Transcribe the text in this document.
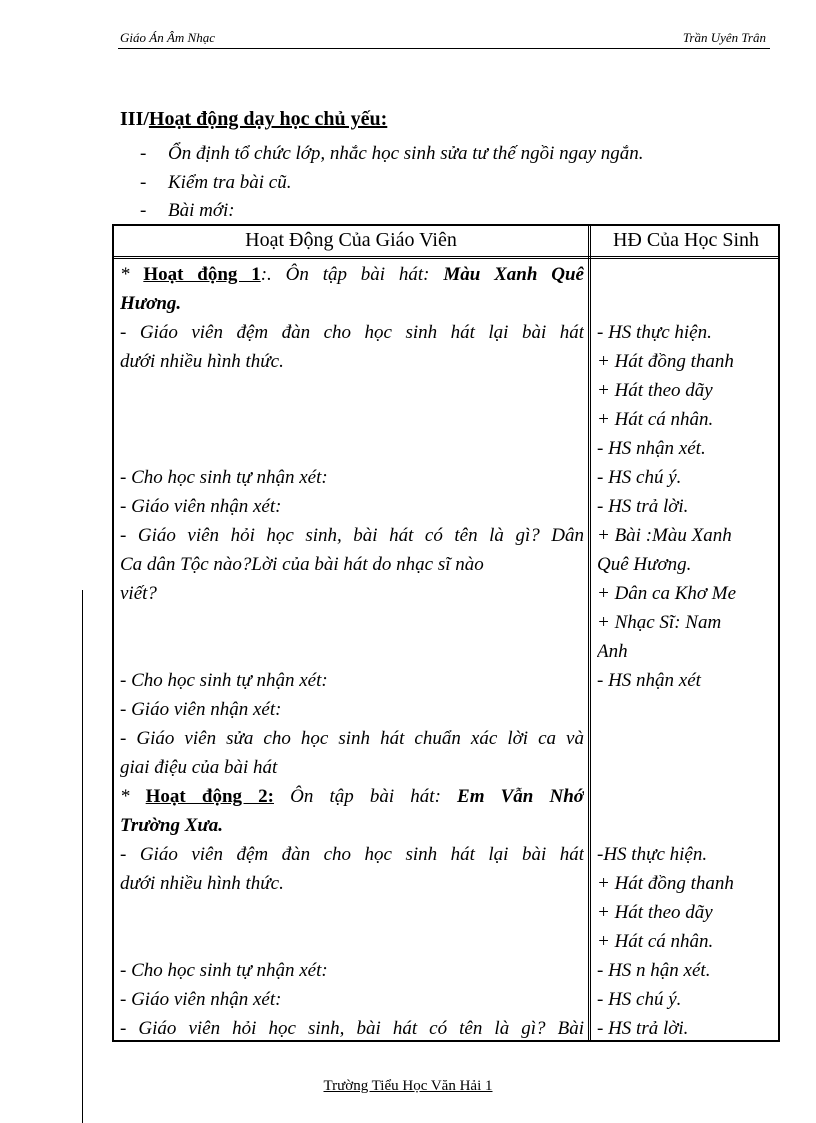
Giáo Án Âm Nhạc	Trần Uyên Trân
III/Hoạt động dạy học chủ yếu:
- Ổn định tổ chức lớp, nhắc học sinh sửa tư thế ngồi ngay ngắn.
- Kiểm tra bài cũ.
- Bài mới:
Hoạt Động Của Giáo Viên	HĐ Của Học Sinh
* Hoạt động 1:. Ôn tập bài hát: Màu Xanh Quê
Hương.
- Giáo viên đệm đàn cho học sinh hát lại bài hát
dưới nhiều hình thức.
- Cho học sinh tự nhận xét:
- Giáo viên nhận xét:
- Giáo viên hỏi học sinh, bài hát có tên là gì? Dân
Ca dân Tộc nào?Lời của bài hát do nhạc sĩ nào
viết?
- Cho học sinh tự nhận xét:
- Giáo viên nhận xét:
- Giáo viên sửa cho học sinh hát chuẩn xác lời ca và
giai điệu của bài hát
* Hoạt động 2: Ôn tập bài hát: Em Vẫn Nhớ
Trường Xưa.
- Giáo viên đệm đàn cho học sinh hát lại bài hát
dưới nhiều hình thức.
- Cho học sinh tự nhận xét:
- Giáo viên nhận xét:
- Giáo viên hỏi học sinh, bài hát có tên là gì? Bài
- HS thực hiện.
+ Hát đồng thanh
+ Hát theo dãy
+ Hát cá nhân.
- HS nhận xét.
- HS chú ý.
- HS trả lời.
+ Bài :Màu Xanh
Quê Hương.
+ Dân ca Khơ Me
+ Nhạc Sĩ: Nam
Anh
- HS nhận xét
-HS thực hiện.
+ Hát đồng thanh
+ Hát theo dãy
+ Hát cá nhân.
- HS n hận xét.
- HS chú ý.
- HS trả lời.
Trường Tiểu Học Văn Hải 1
